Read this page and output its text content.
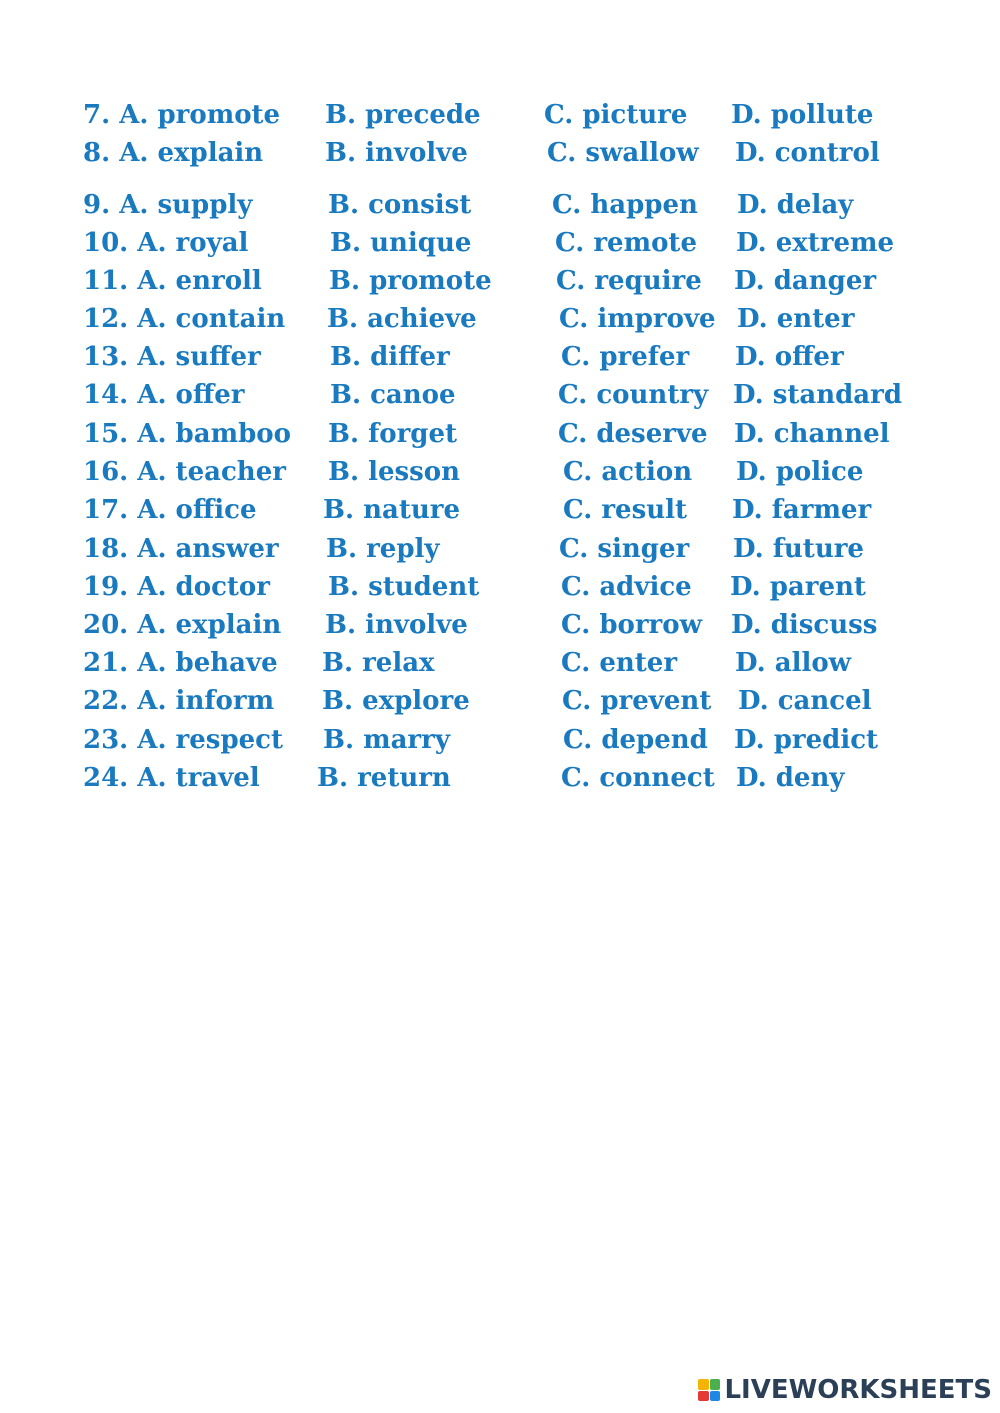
7. A. promote B. precede C. picture D. pollute
8. A. explain B. involve	C. swallow D. control
9. A. supply	B. consist	C. happen D. delay
10. A. royal	B. unique	C. remote D. extreme
11. A. enroll	B. promote C. require D. danger
12. A. contain B. achieve	C. improve D. enter
13. A. suffer	B. differ	C. prefer D. offer
14. A. offer	B. canoe	C. country D. standard
15. A. bamboo B. forget	C. deserve D. channel
16. A. teacher B. lesson	C. action D. police
17. A. office	B. nature	C. result D. farmer
18. A. answer B. reply	C. singer D. future
19. A. doctor B. student	C. advice D. parent
20. A. explain B. involve	C. borrow D. discuss
21. A. behave B. relax	C. enter D. allow
22. A. inform B. explore	C. prevent D. cancel
23. A. respect B. marry	C. depend D. predict
24. A. travel B. return	C. connect D. deny
LIVEWORKSHEETS
